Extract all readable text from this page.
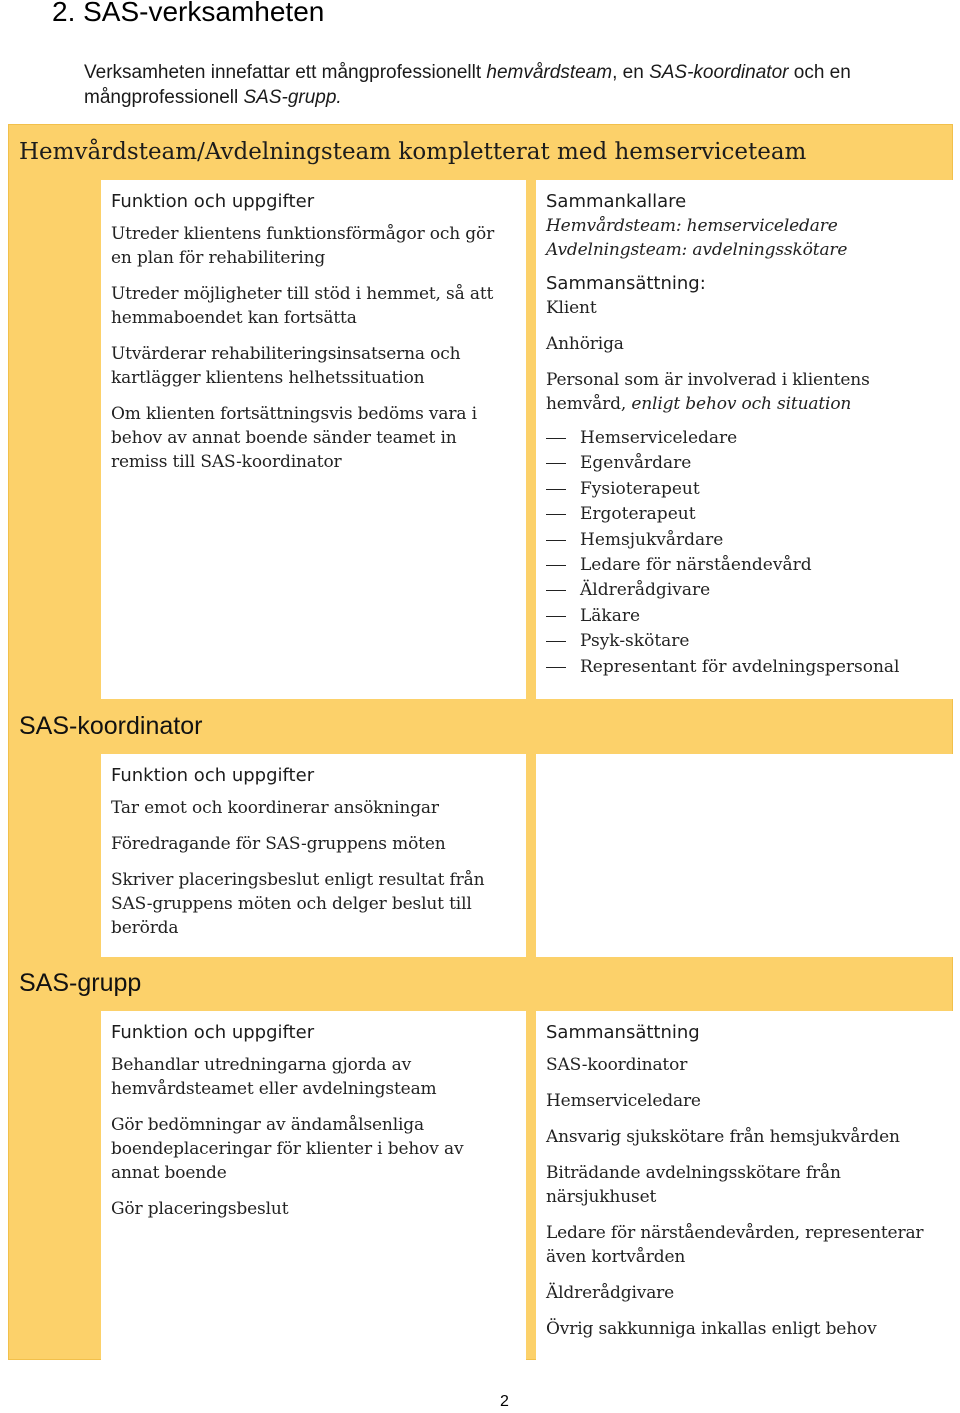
2. SAS-verksamheten

Verksamheten innefattar ett mångprofessionellt hemvårdsteam, en SAS-koordinator och en mångprofessionell SAS-grupp.

Hemvårdsteam/Avdelningsteam kompletterat med hemserviceteam
Funktion och uppgifter
Utreder klientens funktionsförmågor och gör en plan för rehabilitering
Utreder möjligheter till stöd i hemmet, så att hemmaboendet kan fortsätta
Utvärderar rehabiliteringsinsatserna och kartlägger klientens helhetssituation
Om klienten fortsättningsvis bedöms vara i behov av annat boende sänder teamet in remiss till SAS-koordinator
Sammankallare
Hemvårdsteam: hemserviceledare
Avdelningsteam: avdelningsskötare
Sammansättning:
Klient
Anhöriga
Personal som är involverad i klientens hemvård, enligt behov och situation
Hemserviceledare
Egenvårdare
Fysioterapeut
Ergoterapeut
Hemsjukvårdare
Ledare för närståendevård
Äldrerådgivare
Läkare
Psyk-skötare
Representant för avdelningspersonal
SAS-koordinator
Funktion och uppgifter
Tar emot och koordinerar ansökningar
Föredragande för SAS-gruppens möten
Skriver placeringsbeslut enligt resultat från SAS-gruppens möten och delger beslut till berörda
SAS-grupp
Funktion och uppgifter
Behandlar utredningarna gjorda av hemvårdsteamet eller avdelningsteam
Gör bedömningar av ändamålsenliga boendeplaceringar för klienter i behov av annat boende
Gör placeringsbeslut
Sammansättning
SAS-koordinator
Hemserviceledare
Ansvarig sjukskötare från hemsjukvården
Biträdande avdelningsskötare från närsjukhuset
Ledare för närståendevården, representerar även kortvården
Äldrerådgivare
Övrig sakkunniga inkallas enligt behov

2
